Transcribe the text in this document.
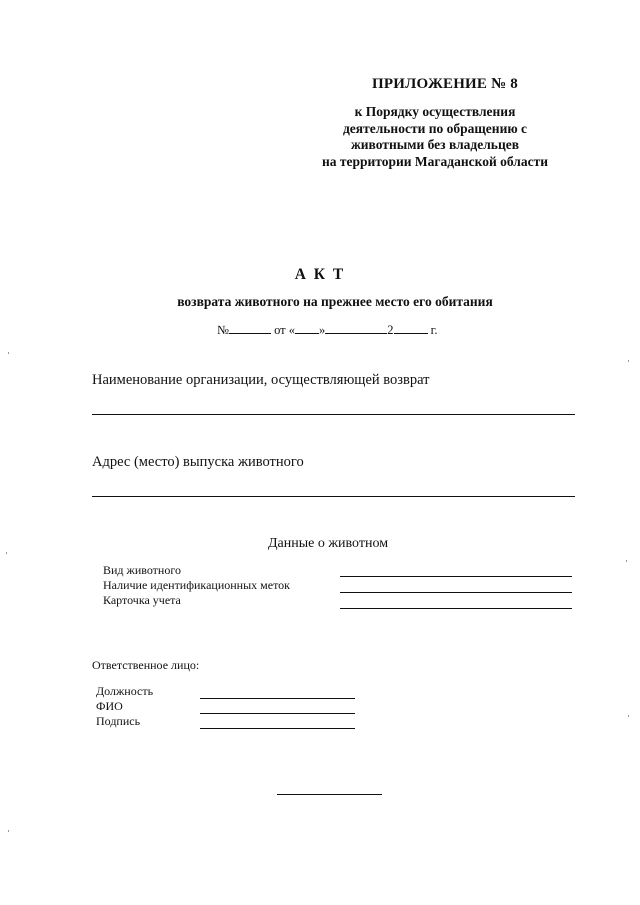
ПРИЛОЖЕНИЕ № 8
к Порядку осуществления
деятельности по обращению с
животными без владельцев
на территории Магаданской области
А К Т
возврата животного на прежнее место его обитания
№	от « »	2	г.
Наименование организации, осуществляющей возврат
Адрес (место) выпуска животного
Данные о животном
Вид животного
Наличие идентификационных меток
Карточка учета
Ответственное лицо:
Должность
ФИО
Подпись
